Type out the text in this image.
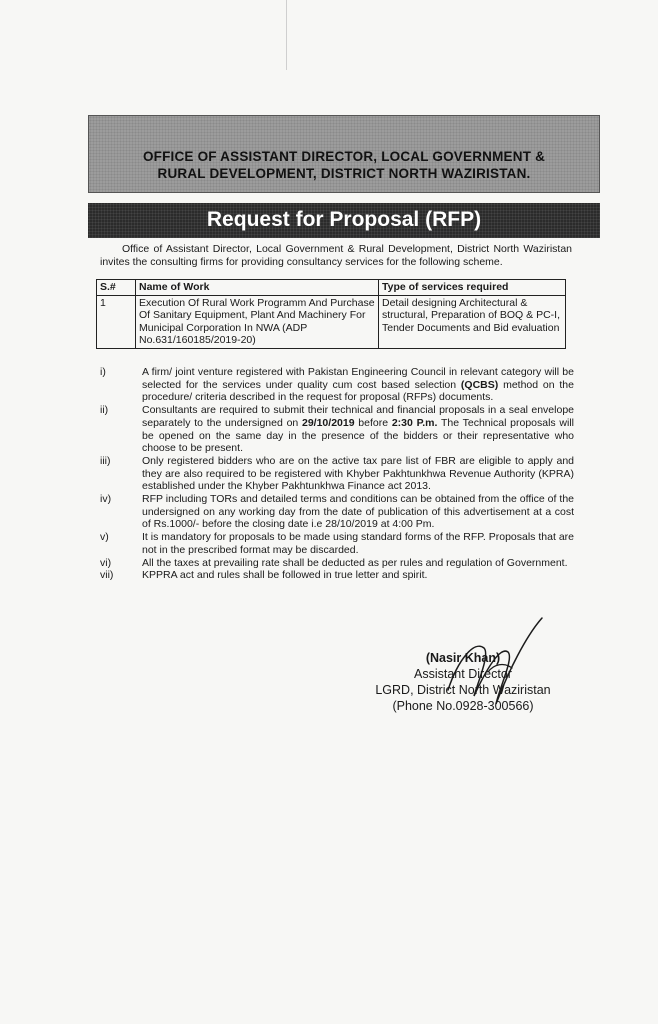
OFFICE OF ASSISTANT DIRECTOR, LOCAL GOVERNMENT &
RURAL DEVELOPMENT, DISTRICT NORTH WAZIRISTAN.
Request for Proposal (RFP)
Office of Assistant Director, Local Government & Rural Development, District North Waziristan invites the consulting firms for providing consultancy services for the following scheme.
S.#	Name of Work	Type of services required
1	Execution Of Rural Work Programm And Purchase Of Sanitary Equipment, Plant And Machinery For Municipal Corporation In NWA (ADP No.631/160185/2019-20)	Detail designing Architectural & structural, Preparation of BOQ & PC-I, Tender Documents and Bid evaluation
i)	A firm/ joint venture registered with Pakistan Engineering Council in relevant category will be selected for the services under quality cum cost based selection (QCBS) method on the procedure/ criteria described in the request for proposal (RFPs) documents.
ii)	Consultants are required to submit their technical and financial proposals in a seal envelope separately to the undersigned on 29/10/2019 before 2:30 P.m. The Technical proposals will be opened on the same day in the presence of the bidders or their representative who choose to be present.
iii)	Only registered bidders who are on the active tax pare list of FBR are eligible to apply and they are also required to be registered with Khyber Pakhtunkhwa Revenue Authority (KPRA) established under the Khyber Pakhtunkhwa Finance act 2013.
iv)	RFP including TORs and detailed terms and conditions can be obtained from the office of the undersigned on any working day from the date of publication of this advertisement at a cost of Rs.1000/- before the closing date i.e 28/10/2019 at 4:00 Pm.
v)	It is mandatory for proposals to be made using standard forms of the RFP. Proposals that are not in the prescribed format may be discarded.
vi)	All the taxes at prevailing rate shall be deducted as per rules and regulation of Government.
vii)	KPPRA act and rules shall be followed in true letter and spirit.
(Nasir Khan)
Assistant Director
LGRD, District North Waziristan
(Phone No.0928-300566)
